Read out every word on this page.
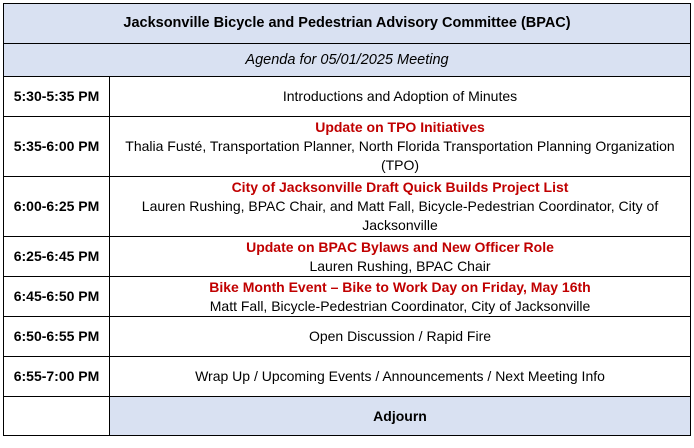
Jacksonville Bicycle and Pedestrian Advisory Committee (BPAC)	
Agenda for 05/01/2025 Meeting	
5:30-5:35 PM	Introductions and Adoption of Minutes

5:35-6:00 PM	Update on TPO Initiatives
Thalia Fusté, Transportation Planner, North Florida Transportation Planning Organization (TPO)

6:00-6:25 PM	City of Jacksonville Draft Quick Builds Project List
Lauren Rushing, BPAC Chair, and Matt Fall, Bicycle-Pedestrian Coordinator, City of Jacksonville

6:25-6:45 PM	Update on BPAC Bylaws and New Officer Role
Lauren Rushing, BPAC Chair

6:45-6:50 PM	Bike Month Event – Bike to Work Day on Friday, May 16th
Matt Fall, Bicycle-Pedestrian Coordinator, City of Jacksonville

6:50-6:55 PM	Open Discussion / Rapid Fire

6:55-7:00 PM	Wrap Up / Upcoming Events / Announcements / Next Meeting Info

	Adjourn
